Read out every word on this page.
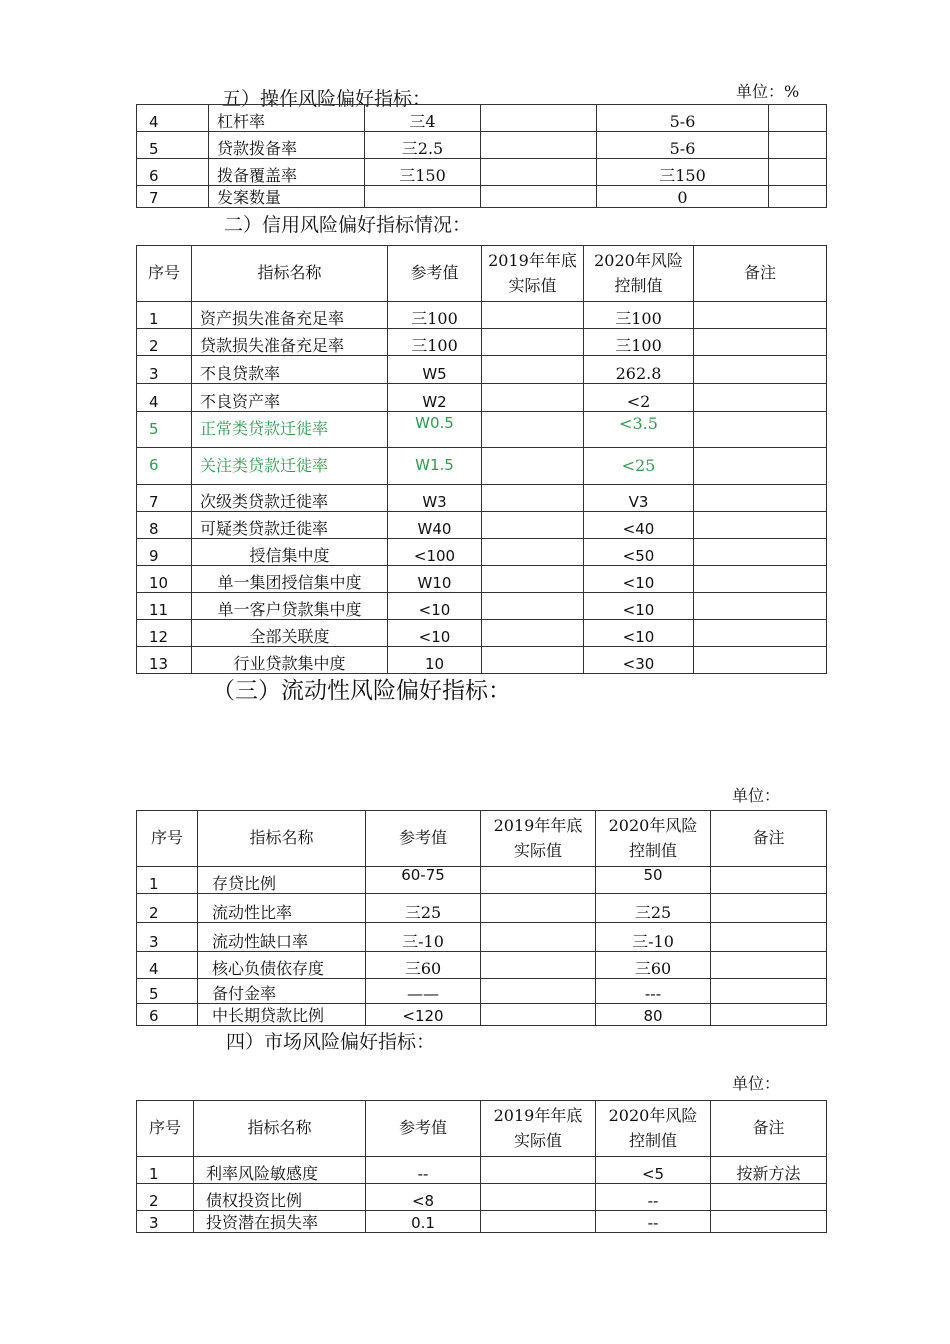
五）操作风险偏好指标：	单位：%
4	杠杆率	三4		5-6	
5	贷款拨备率	三2.5		5-6	
6	拨备覆盖率	三150		三150	
7	发案数量			0	
二）信用风险偏好指标情况：
序号	指标名称	参考值	2019年年底实际值	2020年风险控制值	备注
1	资产损失准备充足率	三100		三100	
2	贷款损失准备充足率	三100		三100	
3	不良贷款率	W5		262.8	
4	不良资产率	W2		<2	
5	正常类贷款迁徙率	W0.5		<3.5	
6	关注类贷款迁徙率	W1.5		<25	
7	次级类贷款迁徙率	W3		V3	
8	可疑类贷款迁徙率	W40		<40	
9	授信集中度	<100		<50	
10	单一集团授信集中度	W10		<10	
11	单一客户贷款集中度	<10		<10	
12	全部关联度	<10		<10	
13	行业贷款集中度	10		<30	
（三）流动性风险偏好指标：
单位：
序号	指标名称	参考值	2019年年底实际值	2020年风险控制值	备注
1	存贷比例	60-75		50	
2	流动性比率	三25		三25	
3	流动性缺口率	三-10		三-10	
4	核心负债依存度	三60		三60	
5	备付金率	——		---	
6	中长期贷款比例	<120		80	
四）市场风险偏好指标：
单位：
序号	指标名称	参考值	2019年年底实际值	2020年风险控制值	备注
1	利率风险敏感度	--		<5	按新方法
2	债权投资比例	<8		--	
3	投资潜在损失率	0.1		--	
